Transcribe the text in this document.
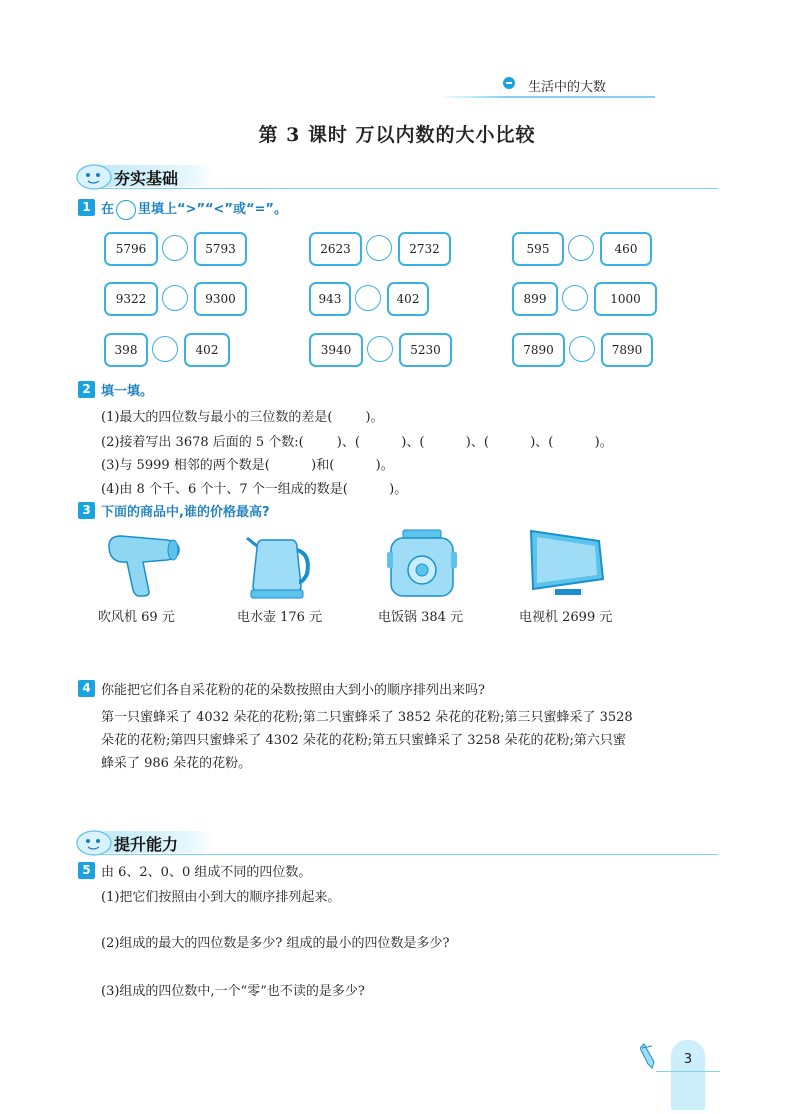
生活中的大数
第 3 课时 万以内数的大小比较
夯实基础
1 在 里填上“>”“<”或“=”。
5796	5793	2623	2732	595	460
9322	9300	943	402	899	1000
398	402	3940	5230	7890	7890
2 填一填。
(1)最大的四位数与最小的三位数的差是(        )。
(2)接着写出 3678 后面的 5 个数:(        )、(          )、(          )、(          )、(          )。
(3)与 5999 相邻的两个数是(          )和(          )。
(4)由 8 个千、6 个十、7 个一组成的数是(          )。
3 下面的商品中,谁的价格最高?
吹风机 69 元	电水壶 176 元	电饭锅 384 元	电视机 2699 元
4 你能把它们各自采花粉的花的朵数按照由大到小的顺序排列出来吗?
第一只蜜蜂采了 4032 朵花的花粉;第二只蜜蜂采了 3852 朵花的花粉;第三只蜜蜂采了 3528
朵花的花粉;第四只蜜蜂采了 4302 朵花的花粉;第五只蜜蜂采了 3258 朵花的花粉;第六只蜜
蜂采了 986 朵花的花粉。
提升能力
5 由 6、2、0、0 组成不同的四位数。
(1)把它们按照由小到大的顺序排列起来。
(2)组成的最大的四位数是多少? 组成的最小的四位数是多少?
(3)组成的四位数中,一个“零”也不读的是多少?
3
